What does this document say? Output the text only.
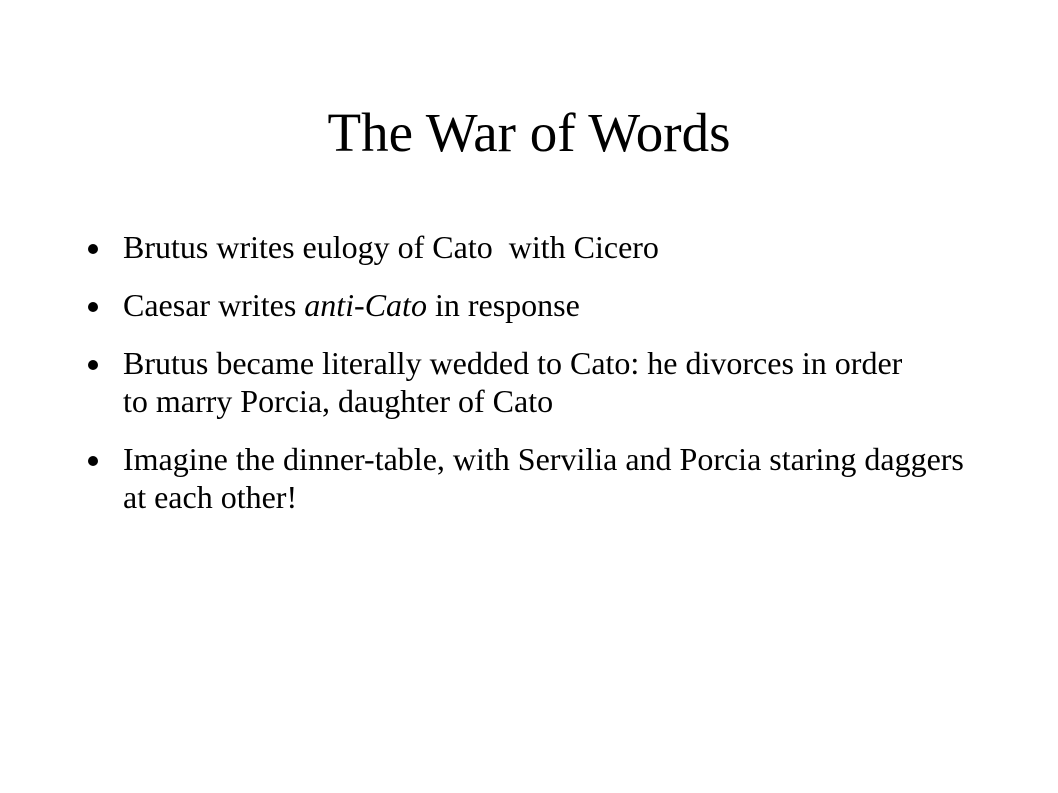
The War of Words
Brutus writes eulogy of Cato  with Cicero
Caesar writes anti-Cato in response
Brutus became literally wedded to Cato: he divorces in order to marry Porcia, daughter of Cato
Imagine the dinner-table, with Servilia and Porcia staring daggers at each other!
